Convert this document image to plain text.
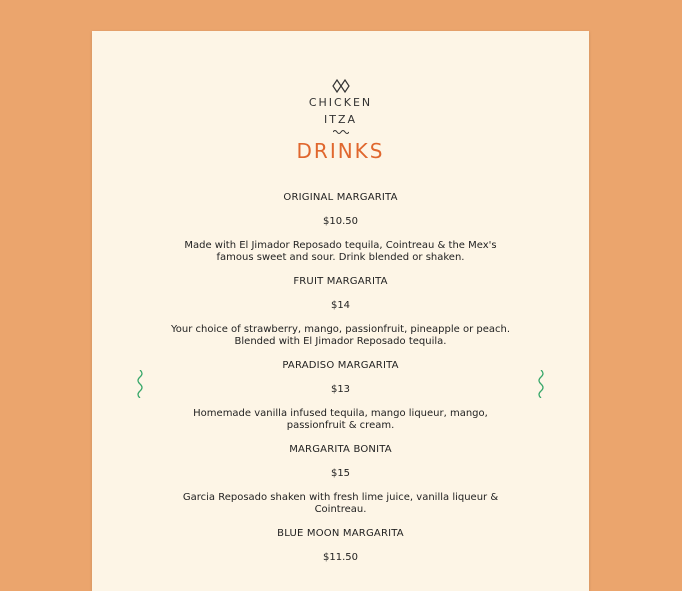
CHICKEN
ITZA
DRINKS

ORIGINAL MARGARITA

$10.50

Made with El Jimador Reposado tequila, Cointreau & the Mex's
famous sweet and sour. Drink blended or shaken.

FRUIT MARGARITA

$14

Your choice of strawberry, mango, passionfruit, pineapple or peach.
Blended with El Jimador Reposado tequila.

PARADISO MARGARITA

$13

Homemade vanilla infused tequila, mango liqueur, mango,
passionfruit & cream.

MARGARITA BONITA

$15

Garcia Reposado shaken with fresh lime juice, vanilla liqueur &
Cointreau.

BLUE MOON MARGARITA

$11.50
